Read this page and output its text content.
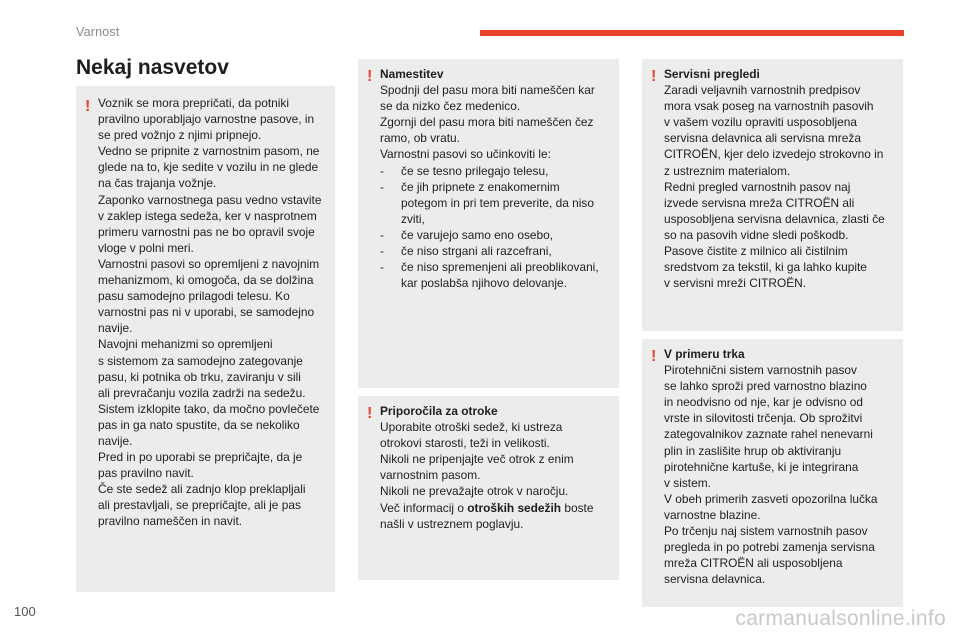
Varnost
Nekaj nasvetov
! Voznik se mora prepričati, da potniki
pravilno uporabljajo varnostne pasove, in
se pred vožnjo z njimi pripnejo.
Vedno se pripnite z varnostnim pasom, ne
glede na to, kje sedite v vozilu in ne glede
na čas trajanja vožnje.
Zaponko varnostnega pasu vedno vstavite
v zaklep istega sedeža, ker v nasprotnem
primeru varnostni pas ne bo opravil svoje
vloge v polni meri.
Varnostni pasovi so opremljeni z navojnim
mehanizmom, ki omogoča, da se dolžina
pasu samodejno prilagodi telesu. Ko
varnostni pas ni v uporabi, se samodejno
navije.
Navojni mehanizmi so opremljeni
s sistemom za samodejno zategovanje
pasu, ki potnika ob trku, zaviranju v sili
ali prevračanju vozila zadrži na sedežu.
Sistem izklopite tako, da močno povlečete
pas in ga nato spustite, da se nekoliko
navije.
Pred in po uporabi se prepričajte, da je
pas pravilno navit.
Če ste sedež ali zadnjo klop preklapljali
ali prestavljali, se prepričajte, ali je pas
pravilno nameščen in navit.
! Namestitev
Spodnji del pasu mora biti nameščen kar
se da nizko čez medenico.
Zgornji del pasu mora biti nameščen čez
ramo, ob vratu.
Varnostni pasovi so učinkoviti le:
-	če se tesno prilegajo telesu,
-	če jih pripnete z enakomernim
potegom in pri tem preverite, da niso
zviti,
-	če varujejo samo eno osebo,
-	če niso strgani ali razcefrani,
-	če niso spremenjeni ali preoblikovani,
kar poslabša njihovo delovanje.
! Priporočila za otroke
Uporabite otroški sedež, ki ustreza
otrokovi starosti, teži in velikosti.
Nikoli ne pripenjajte več otrok z enim
varnostnim pasom.
Nikoli ne prevažajte otrok v naročju.
Več informacij o otroških sedežih boste
našli v ustreznem poglavju.
! Servisni pregledi
Zaradi veljavnih varnostnih predpisov
mora vsak poseg na varnostnih pasovih
v vašem vozilu opraviti usposobljena
servisna delavnica ali servisna mreža
CITROËN, kjer delo izvedejo strokovno in
z ustreznim materialom.
Redni pregled varnostnih pasov naj
izvede servisna mreža CITROËN ali
usposobljena servisna delavnica, zlasti če
so na pasovih vidne sledi poškodb.
Pasove čistite z milnico ali čistilnim
sredstvom za tekstil, ki ga lahko kupite
v servisni mreži CITROËN.
! V primeru trka
Pirotehnični sistem varnostnih pasov
se lahko sproži pred varnostno blazino
in neodvisno od nje, kar je odvisno od
vrste in silovitosti trčenja. Ob sprožitvi
zategovalnikov zaznate rahel nenevarni
plin in zaslišite hrup ob aktiviranju
pirotehnične kartuše, ki je integrirana
v sistem.
V obeh primerih zasveti opozorilna lučka
varnostne blazine.
Po trčenju naj sistem varnostnih pasov
pregleda in po potrebi zamenja servisna
mreža CITROËN ali usposobljena
servisna delavnica.
100	carmanualsonline.info
